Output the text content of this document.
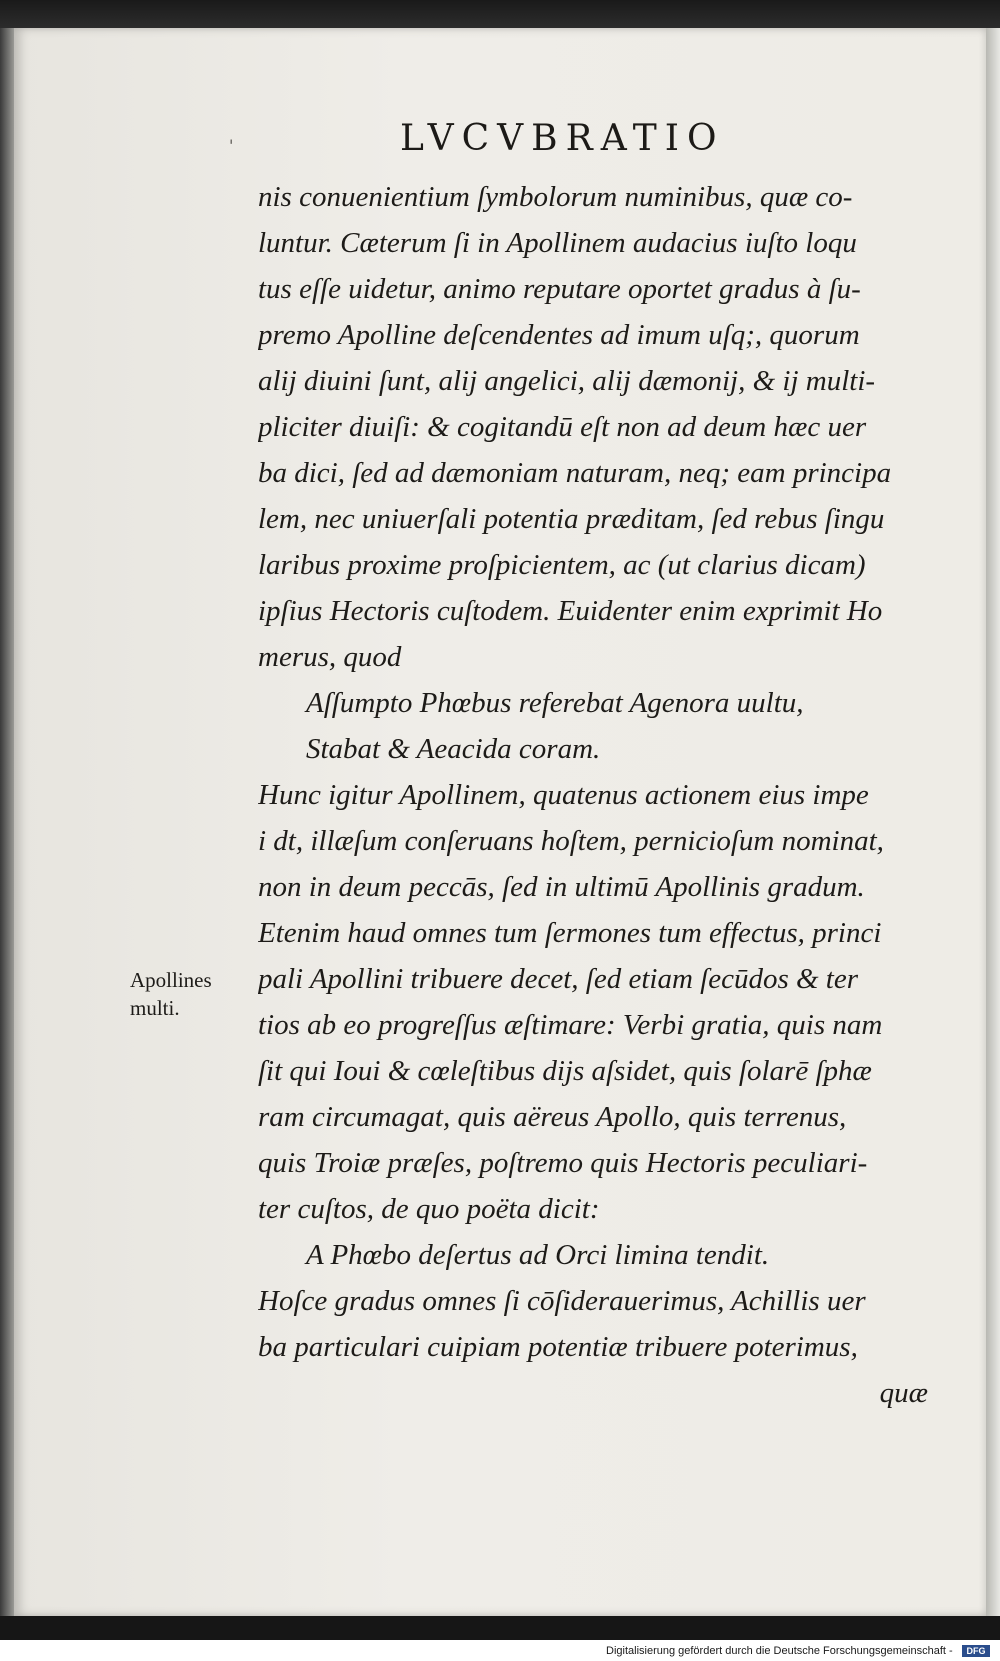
'	LVCVBRATIO
nis conuenientium ſymbolorum numinibus, quæ co-
luntur. Cæterum ſi in Apollinem audacius iuſto loqu
tus eſſe uidetur, animo reputare oportet gradus à ſu-
premo Apolline deſcendentes ad imum uſq;, quorum
alij diuini ſunt, alij angelici, alij dæmonij, & ij multi-
pliciter diuiſi: & cogitandū eſt non ad deum hæc uer
ba dici, ſed ad dæmoniam naturam, neq; eam principa
lem, nec uniuerſali potentia præditam, ſed rebus ſingu
laribus proxime proſpicientem, ac (ut clarius dicam)
ipſius Hectoris cuſtodem. Euidenter enim exprimit Ho
merus, quod
Aſſumpto Phœbus referebat Agenora uultu,
Stabat & Aeacida coram.
Hunc igitur Apollinem, quatenus actionem eius impe
i dt, illæſum conſeruans hoſtem, pernicioſum nominat,
non in deum peccās, ſed in ultimū Apollinis gradum.
Etenim haud omnes tum ſermones tum effectus, princi
pali Apollini tribuere decet, ſed etiam ſecūdos & ter
tios ab eo progreſſus æſtimare: Verbi gratia, quis nam
ſit qui Ioui & cœleſtibus dijs aſsidet, quis ſolarē ſphæ
ram circumagat, quis aëreus Apollo, quis terrenus,
quis Troiæ præſes, poſtremo quis Hectoris peculiari-
ter cuſtos, de quo poëta dicit:
A Phœbo deſertus ad Orci limina tendit.
Hoſce gradus omnes ſi cōſiderauerimus, Achillis uer
ba particulari cuipiam potentiæ tribuere poterimus,
quæ
Apollines
multi.
Digitalisierung gefördert durch die Deutsche Forschungsgemeinschaft -	DFG
